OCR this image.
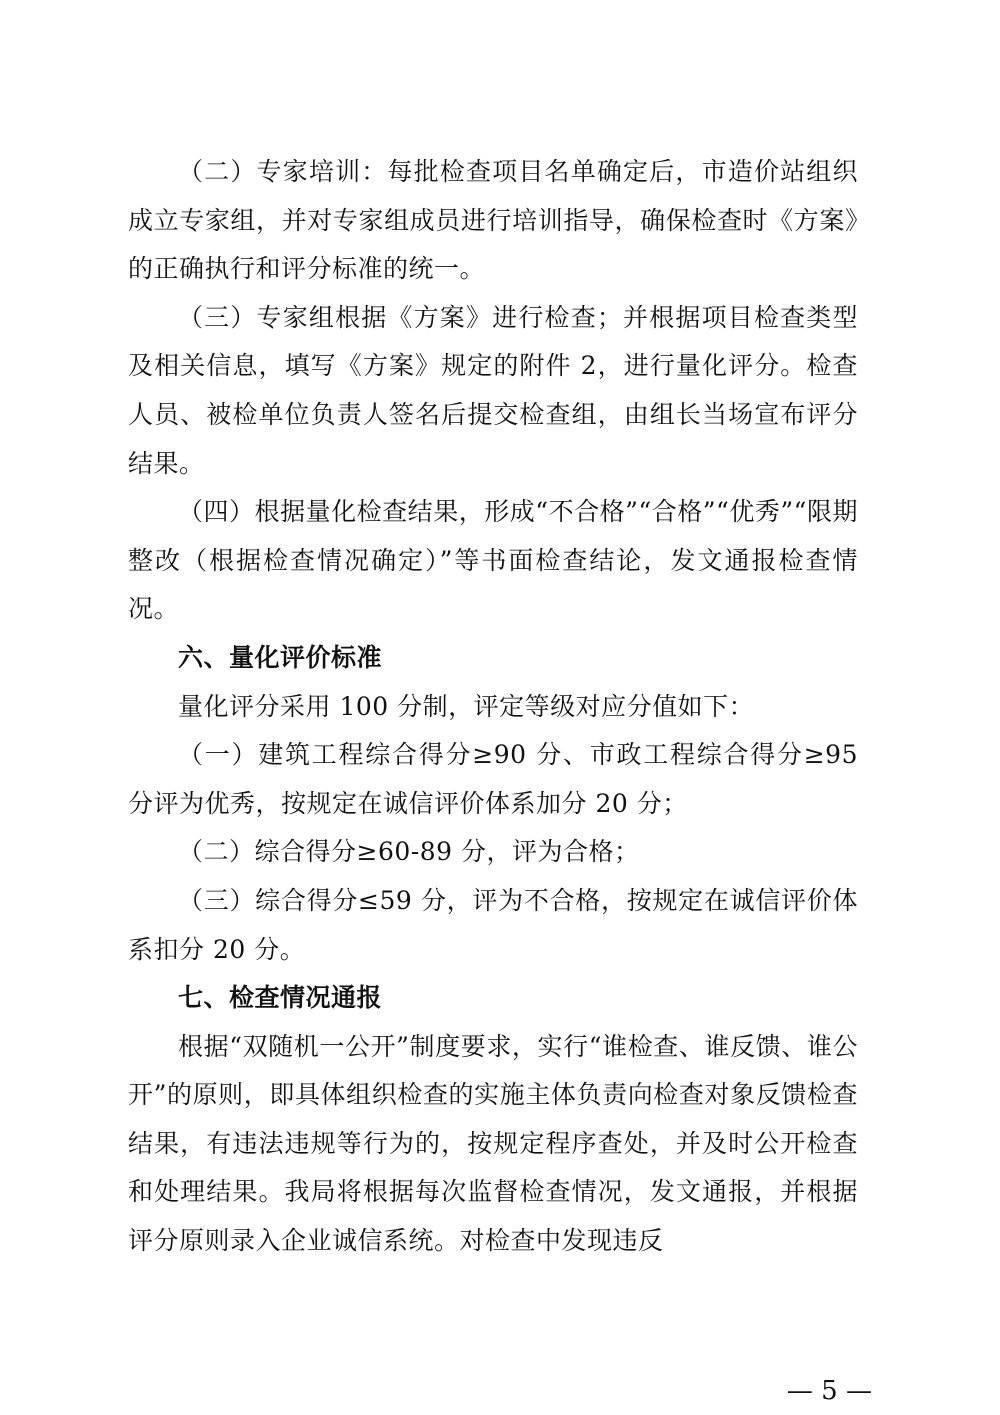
（二）专家培训：每批检查项目名单确定后，市造价站组织成立专家组，并对专家组成员进行培训指导，确保检查时《方案》的正确执行和评分标准的统一。

（三）专家组根据《方案》进行检查；并根据项目检查类型及相关信息，填写《方案》规定的附件 2，进行量化评分。检查人员、被检单位负责人签名后提交检查组，由组长当场宣布评分结果。

（四）根据量化检查结果，形成“不合格”“合格”“优秀”“限期整改（根据检查情况确定）”等书面检查结论，发文通报检查情况。

六、量化评价标准

量化评分采用 100 分制，评定等级对应分值如下：

（一）建筑工程综合得分≥90 分、市政工程综合得分≥95 分评为优秀，按规定在诚信评价体系加分 20 分；

（二）综合得分≥60-89 分，评为合格；

（三）综合得分≤59 分，评为不合格，按规定在诚信评价体系扣分 20 分。

七、检查情况通报

根据“双随机一公开”制度要求，实行“谁检查、谁反馈、谁公开”的原则，即具体组织检查的实施主体负责向检查对象反馈检查结果，有违法违规等行为的，按规定程序查处，并及时公开检查和处理结果。我局将根据每次监督检查情况，发文通报，并根据评分原则录入企业诚信系统。对检查中发现违反

— 5 —
